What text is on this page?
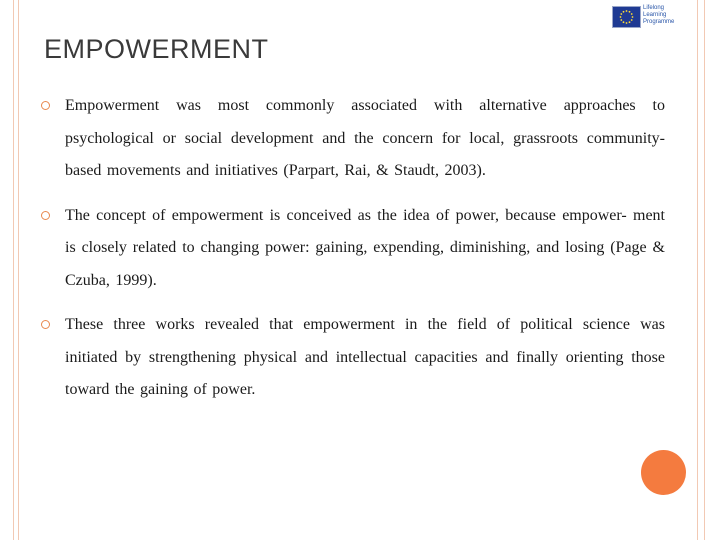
Lifelong
Learning
Programme
EMPOWERMENT

Empowerment was most commonly associated with alternative approaches to psychological or social development and the concern for local, grassroots community-based movements and initiatives (Parpart, Rai, & Staudt, 2003).

The concept of empowerment is conceived as the idea of power, because empower- ment is closely related to changing power: gaining, expending, diminishing, and losing (Page & Czuba, 1999).

These three works revealed that empowerment in the field of political science was initiated by strengthening physical and intellectual capacities and finally orienting those toward the gaining of power.
